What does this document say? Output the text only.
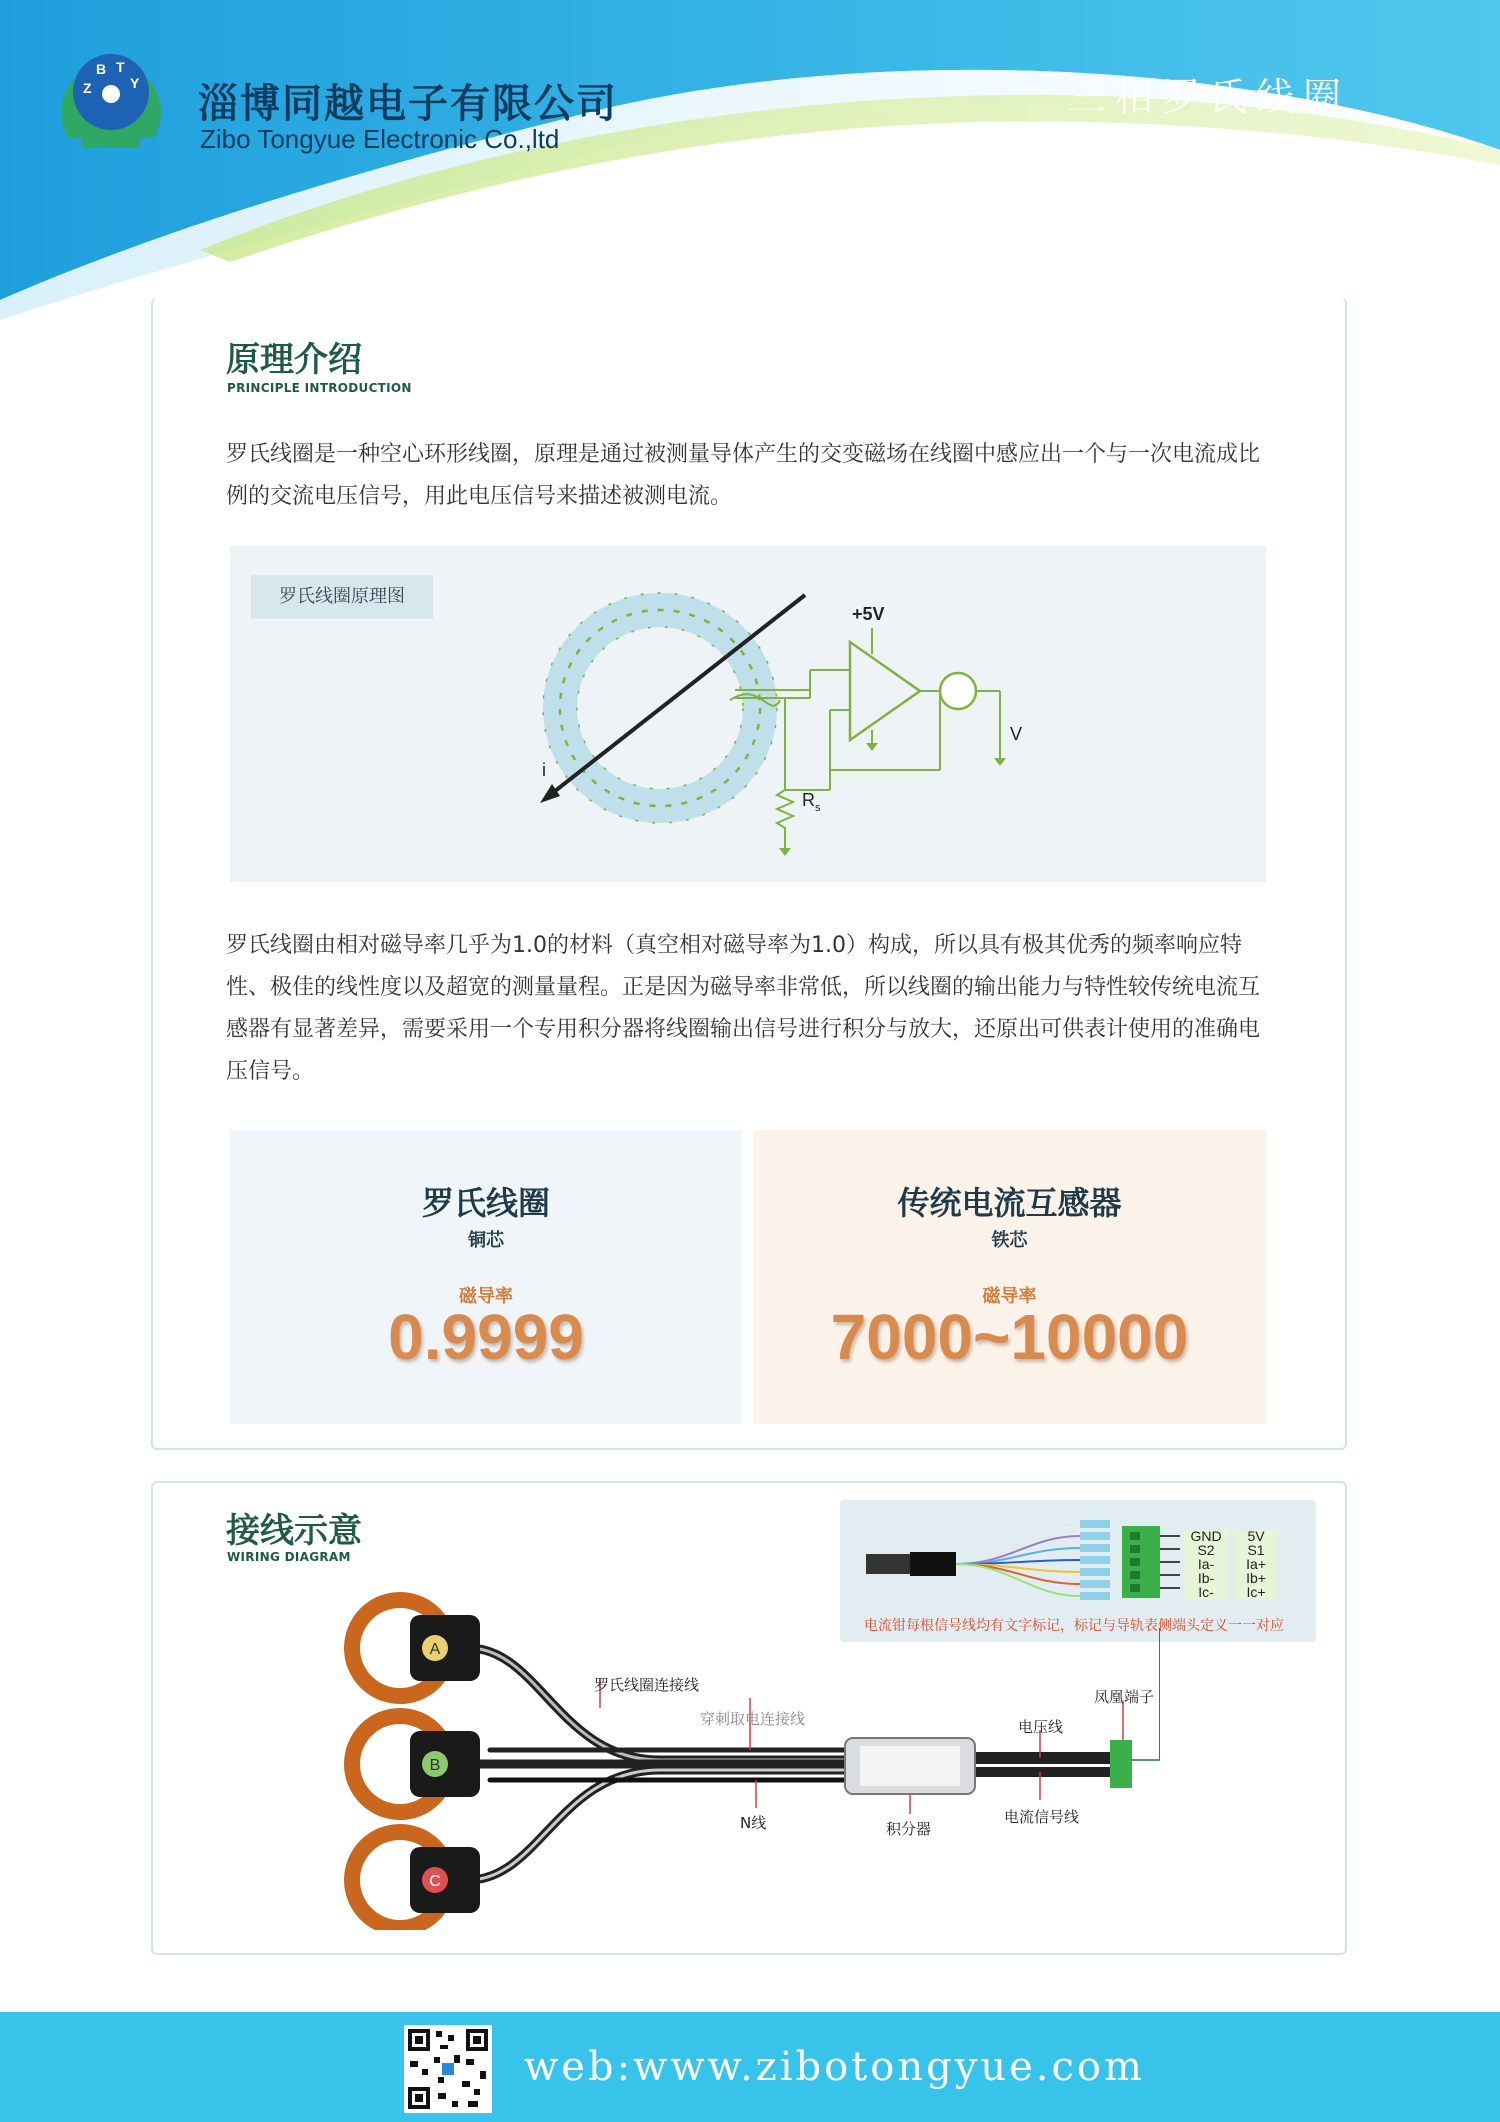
Z
B T
Y 淄博同越电子有限公司
Zibo Tongyue Electronic Co.,ltd
三相罗氏线圈
原理介绍
PRINCIPLE INTRODUCTION
罗氏线圈是一种空心环形线圈，原理是通过被测量导体产生的交变磁场在线圈中感应出一个与一次电流成比例的交流电压信号，用此电压信号来描述被测电流。
罗氏线圈原理图
i
R s
+5V
V
罗氏线圈由相对磁导率几乎为1.0的材料（真空相对磁导率为1.0）构成，所以具有极其优秀的频率响应特性、极佳的线性度以及超宽的测量量程。正是因为磁导率非常低，所以线圈的输出能力与特性较传统电流互感器有显著差异，需要采用一个专用积分器将线圈输出信号进行积分与放大，还原出可供表计使用的准确电压信号。
罗氏线圈
铜芯
磁导率
0.9999
传统电流互感器
铁芯
磁导率
7000~10000
接线示意
WIRING DIAGRAM
GND	5V
S2	S1
Ia-	Ia+
Ib-	Ib+
Ic-	Ic+
电流钳每根信号线均有文字标记，标记与导轨表侧端头定义一一对应
A
B
C
罗氏线圈连接线
穿刺取电连接线
N线	积分器
电压线
电流信号线
凤凰端子
web:www.zibotongyue.com
